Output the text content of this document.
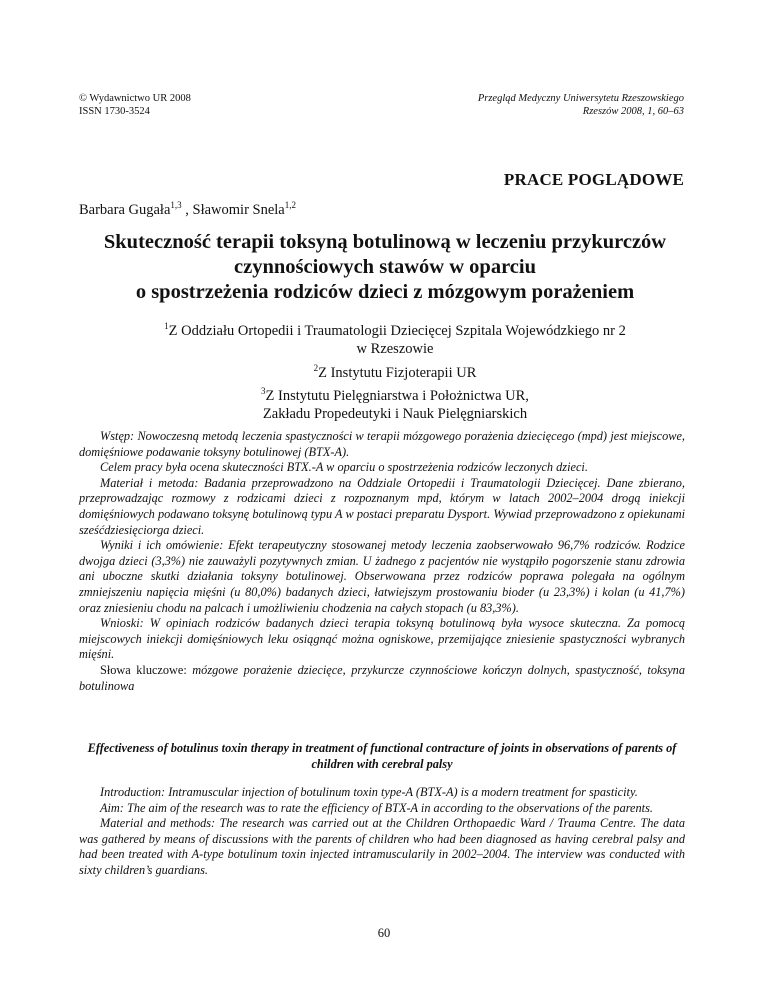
© Wydawnictwo UR 2008
ISSN 1730-3524
Przegląd Medyczny Uniwersytetu Rzeszowskiego
Rzeszów 2008, 1, 60–63
PRACE POGLĄDOWE
Barbara Gugała$^{1,3}$ , Sławomir Snela$^{1,2}$
Skuteczność terapii toksyną botulinową w leczeniu przykurczów
czynnościowych stawów w oparciu
o spostrzeżenia rodziców dzieci z mózgowym porażeniem
$^1$Z Oddziału Ortopedii i Traumatologii Dziecięcej Szpitala Wojewódzkiego nr 2
w Rzeszowie
$^2$Z Instytutu Fizjoterapii UR
$^3$Z Instytutu Pielęgniarstwa i Położnictwa UR,
Zakładu Propedeutyki i Nauk Pielęgniarskich

Wstęp: Nowoczesną metodą leczenia spastyczności w terapii mózgowego porażenia dziecięcego (mpd) jest miejscowe, domięśniowe podawanie toksyny botulinowej (BTX-A).

Celem pracy była ocena skuteczności BTX.-A w oparciu o spostrzeżenia rodziców leczonych dzieci.

Materiał i metoda: Badania przeprowadzono na Oddziale Ortopedii i Traumatologii Dziecięcej. Dane zbierano, przeprowadzając rozmowy z rodzicami dzieci z rozpoznanym mpd, którym w latach 2002–2004 drogą iniekcji domięśniowych podawano toksynę botulinową typu A w postaci preparatu Dysport. Wywiad przeprowadzono z opiekunami sześćdziesięciorga dzieci.

Wyniki i ich omówienie: Efekt terapeutyczny stosowanej metody leczenia zaobserwowało 96,7% rodziców. Rodzice dwojga dzieci (3,3%) nie zauważyli pozytywnych zmian. U żadnego z pacjentów nie wystąpiło pogorszenie stanu zdrowia ani uboczne skutki działania toksyny botulinowej. Obserwowana przez rodziców poprawa polegała na ogólnym zmniejszeniu napięcia mięśni (u 80,0%) badanych dzieci, łatwiejszym prostowaniu bioder (u 23,3%) i kolan (u 41,7%) oraz zniesieniu chodu na palcach i umożliwieniu chodzenia na całych stopach (u 83,3%).

Wnioski: W opiniach rodziców badanych dzieci terapia toksyną botulinową była wysoce skuteczna. Za pomocą miejscowych iniekcji domięśniowych leku osiągnąć można ogniskowe, przemijające zniesienie spastyczności wybranych mięśni.

Słowa kluczowe: mózgowe porażenie dziecięce, przykurcze czynnościowe kończyn dolnych, spastyczność, toksyna botulinowa

Effectiveness of botulinus toxin therapy in treatment of functional contracture of joints in observations of parents of children with cerebral palsy

Introduction: Intramuscular injection of botulinum toxin type-A (BTX-A) is a modern treatment for spasticity.

Aim: The aim of the research was to rate the efficiency of BTX-A in according to the observations of the parents.

Material and methods: The research was carried out at the Children Orthopaedic Ward / Trauma Centre. The data was gathered by means of discussions with the parents of children who had been diagnosed as having cerebral palsy and had been treated with A-type botulinum toxin injected intramuscularily in 2002–2004. The interview was conducted with sixty children’s guardians.

60
